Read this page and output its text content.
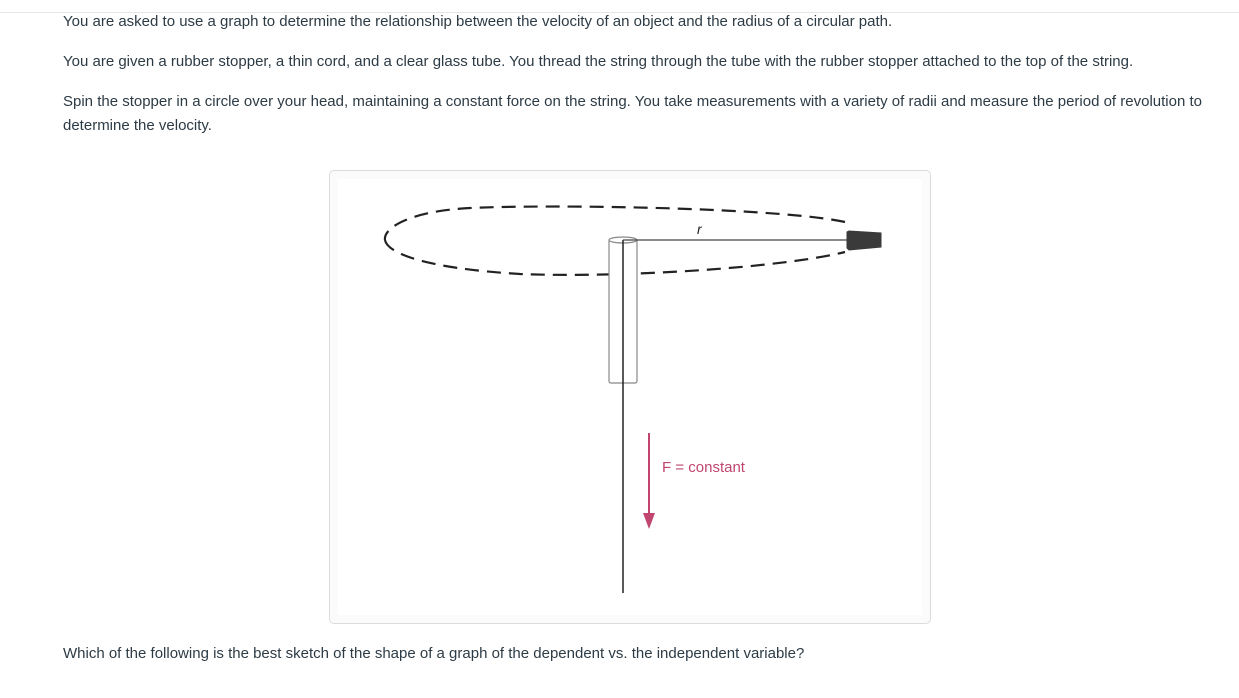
You are asked to use a graph to determine the relationship between the velocity of an object and the radius of a circular path.

You are given a rubber stopper, a thin cord, and a clear glass tube. You thread the string through the tube with the rubber stopper attached to the top of the string.

Spin the stopper in a circle over your head, maintaining a constant force on the string. You take measurements with a variety of radii and measure the period of revolution to determine the velocity.

r
F = constant

Which of the following is the best sketch of the shape of a graph of the dependent vs. the independent variable?
